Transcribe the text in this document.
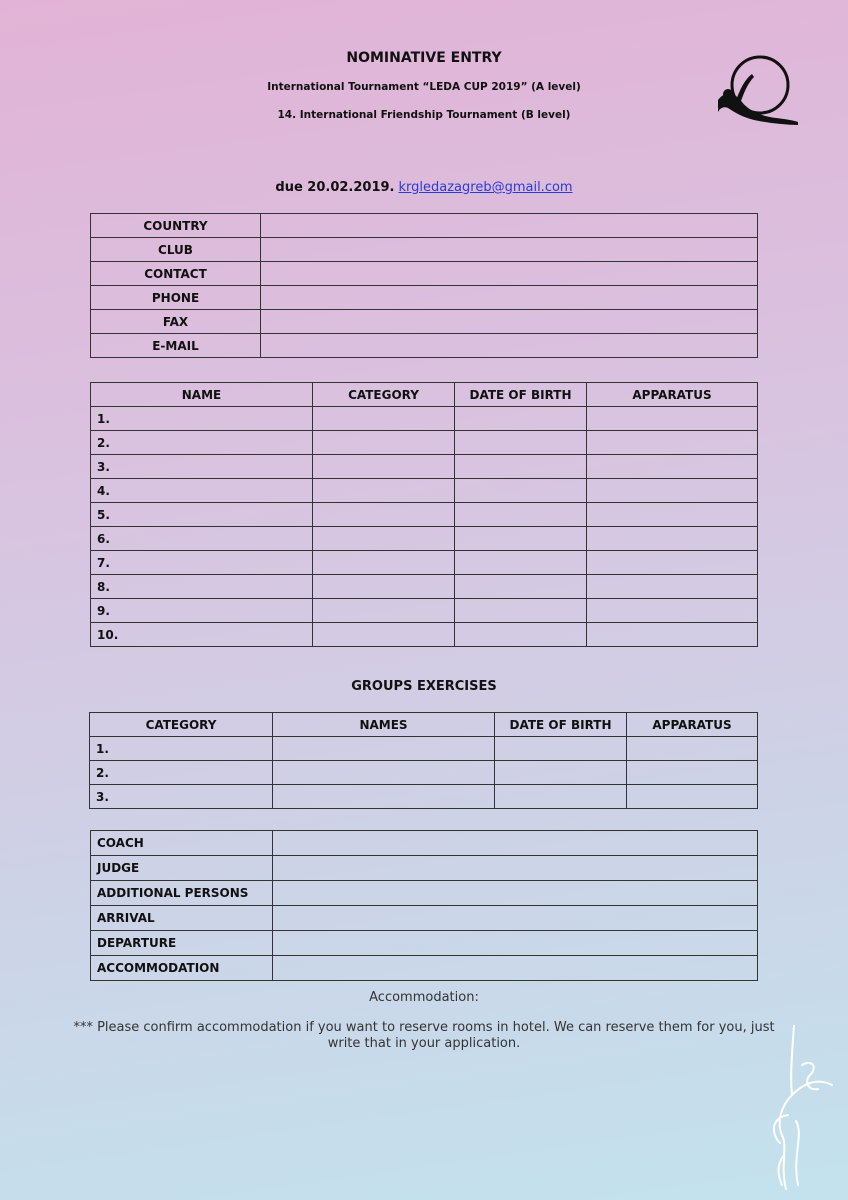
NOMINATIVE ENTRY
International Tournament “LEDA CUP 2019” (A level)
14. International Friendship Tournament (B level)
due 20.02.2019. krgledazagreb@gmail.com
COUNTRY	
CLUB	
CONTACT	
PHONE	
FAX	
E-MAIL	
NAME	CATEGORY	DATE OF BIRTH	APPARATUS
1.			
2.			
3.			
4.			
5.			
6.			
7.			
8.			
9.			
10.			
GROUPS EXERCISES
CATEGORY	NAMES	DATE OF BIRTH	APPARATUS
1.			
2.			
3.			
COACH	
JUDGE	
ADDITIONAL PERSONS	
ARRIVAL	
DEPARTURE	
ACCOMMODATION	
Accommodation:
*** Please confirm accommodation if you want to reserve rooms in hotel. We can reserve them for you, just write that in your application.
